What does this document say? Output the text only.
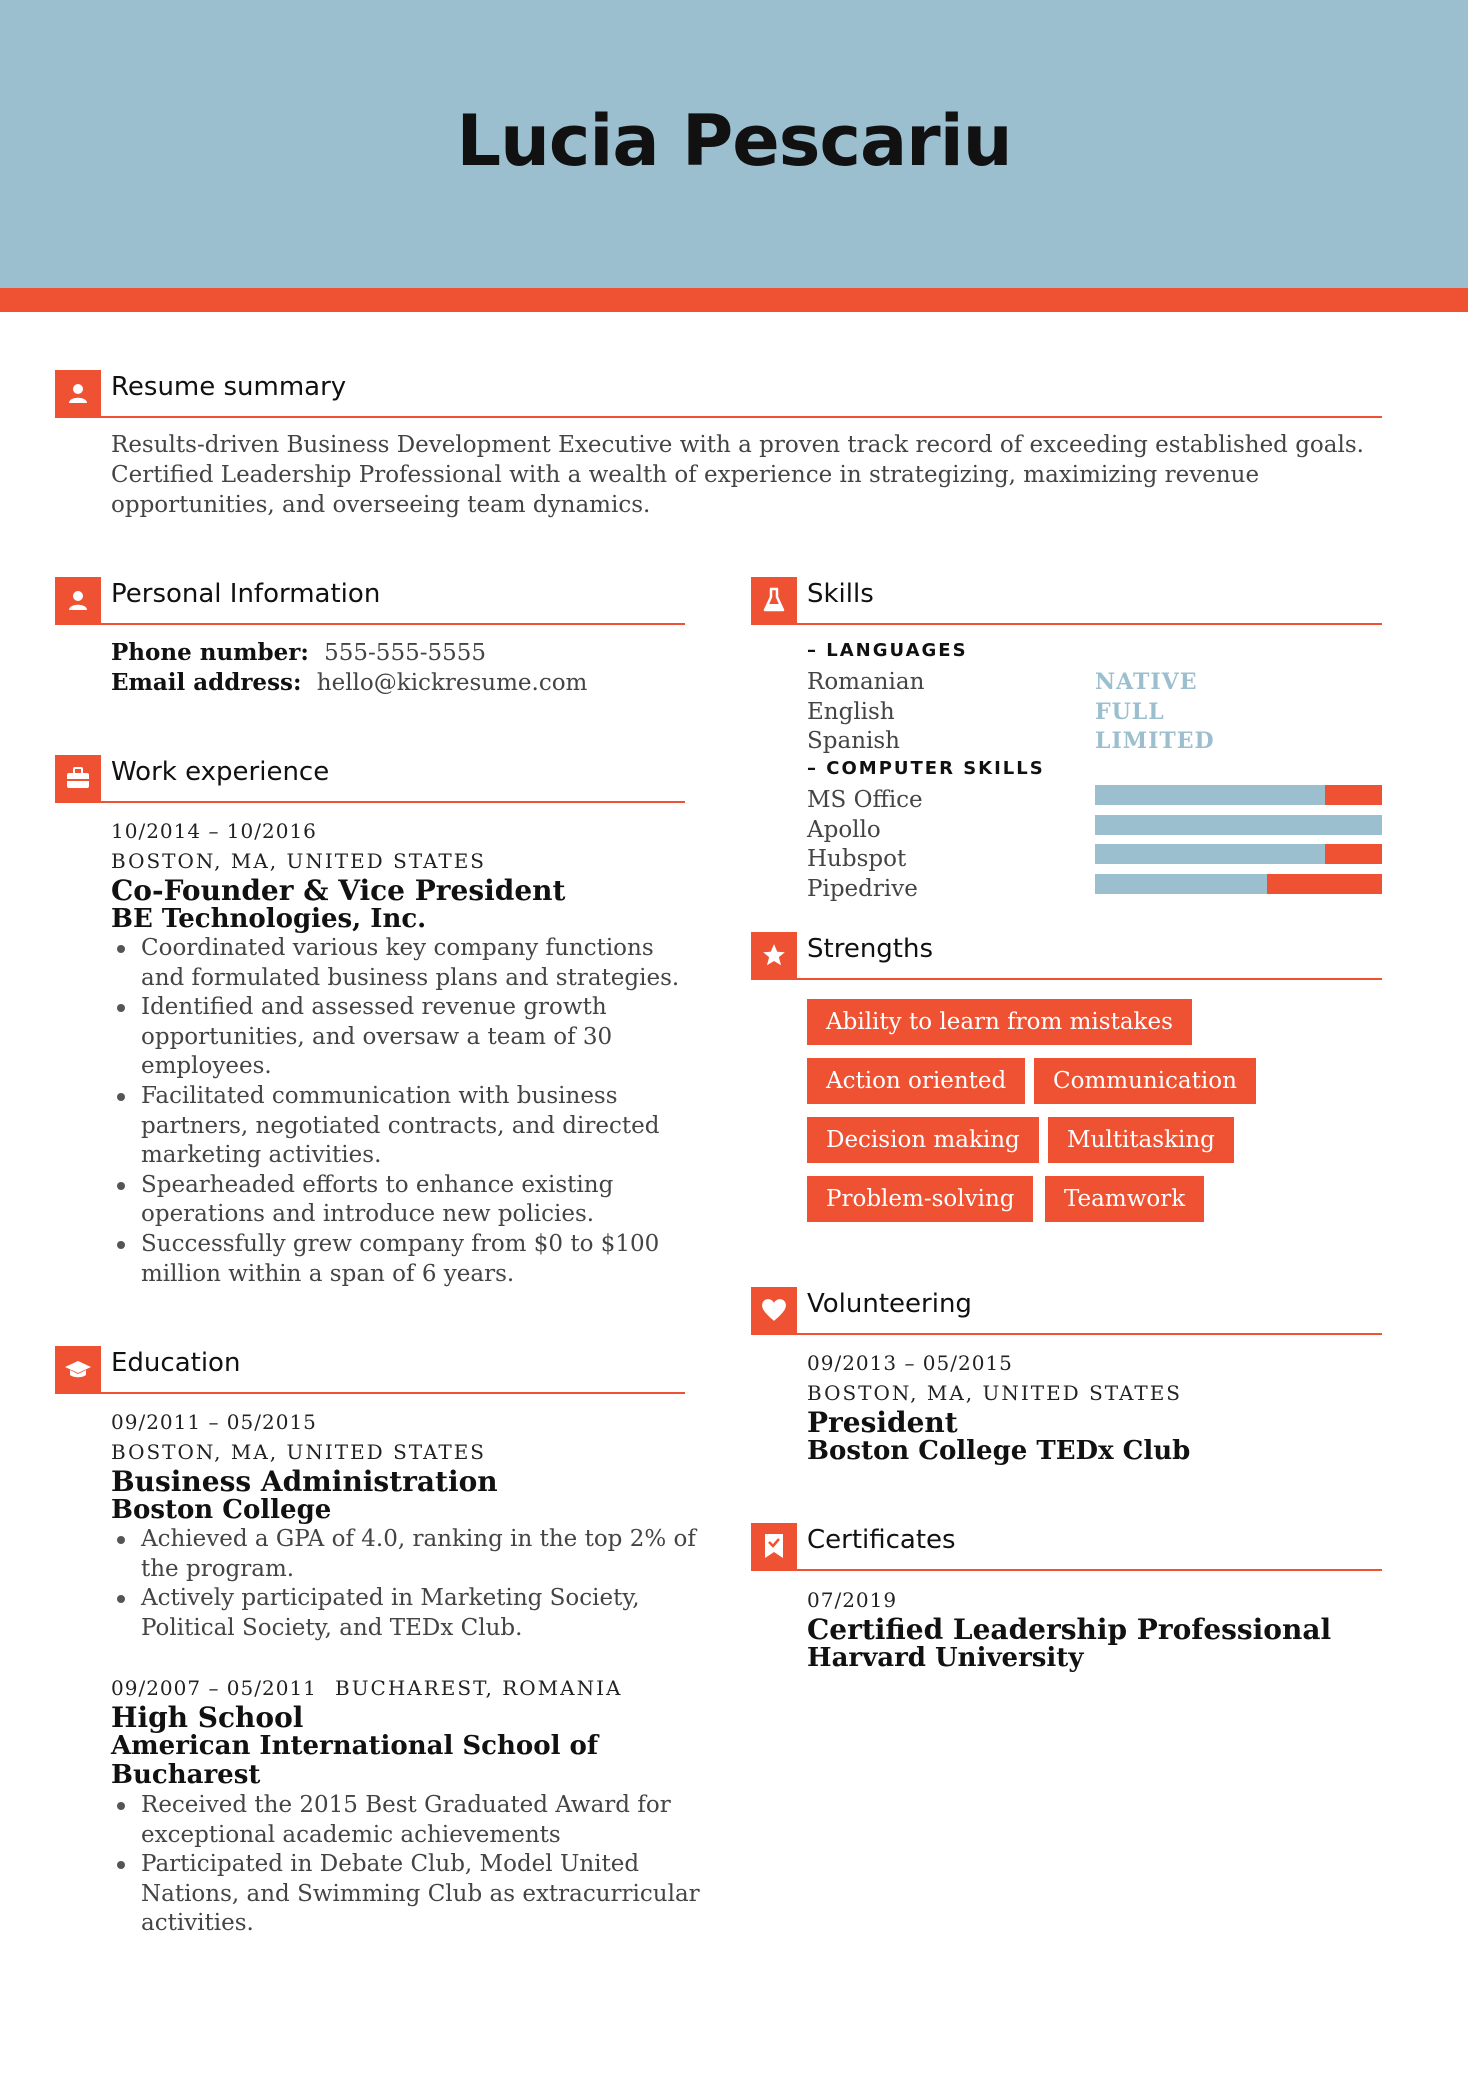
Lucia Pescariu
Resume summary
Results-driven Business Development Executive with a proven track record of exceeding established goals.
Certified Leadership Professional with a wealth of experience in strategizing, maximizing revenue
opportunities, and overseeing team dynamics.
Personal Information
Phone number: 555-555-5555
Email address: hello@kickresume.com
Work experience
10/2014 – 10/2016
BOSTON, MA, UNITED STATES
Co-Founder & Vice President
BE Technologies, Inc.
Coordinated various key company functions
and formulated business plans and strategies.
Identified and assessed revenue growth
opportunities, and oversaw a team of 30
employees.
Facilitated communication with business
partners, negotiated contracts, and directed
marketing activities.
Spearheaded efforts to enhance existing
operations and introduce new policies.
Successfully grew company from $0 to $100
million within a span of 6 years.
Education
09/2011 – 05/2015
BOSTON, MA, UNITED STATES
Business Administration
Boston College
Achieved a GPA of 4.0, ranking in the top 2% of
the program.
Actively participated in Marketing Society,
Political Society, and TEDx Club.
09/2007 – 05/2011 BUCHAREST, ROMANIA
High School
American International School of
Bucharest
Received the 2015 Best Graduated Award for
exceptional academic achievements
Participated in Debate Club, Model United
Nations, and Swimming Club as extracurricular
activities.
Skills
– LANGUAGES
Romanian	NATIVE
English	FULL
Spanish	LIMITED
– COMPUTER SKILLS
MS Office
Apollo
Hubspot
Pipedrive
Strengths
Ability to learn from mistakes
Action oriented	Communication
Decision making	Multitasking
Problem-solving	Teamwork
Volunteering
09/2013 – 05/2015
BOSTON, MA, UNITED STATES
President
Boston College TEDx Club
Certificates
07/2019
Certified Leadership Professional
Harvard University
